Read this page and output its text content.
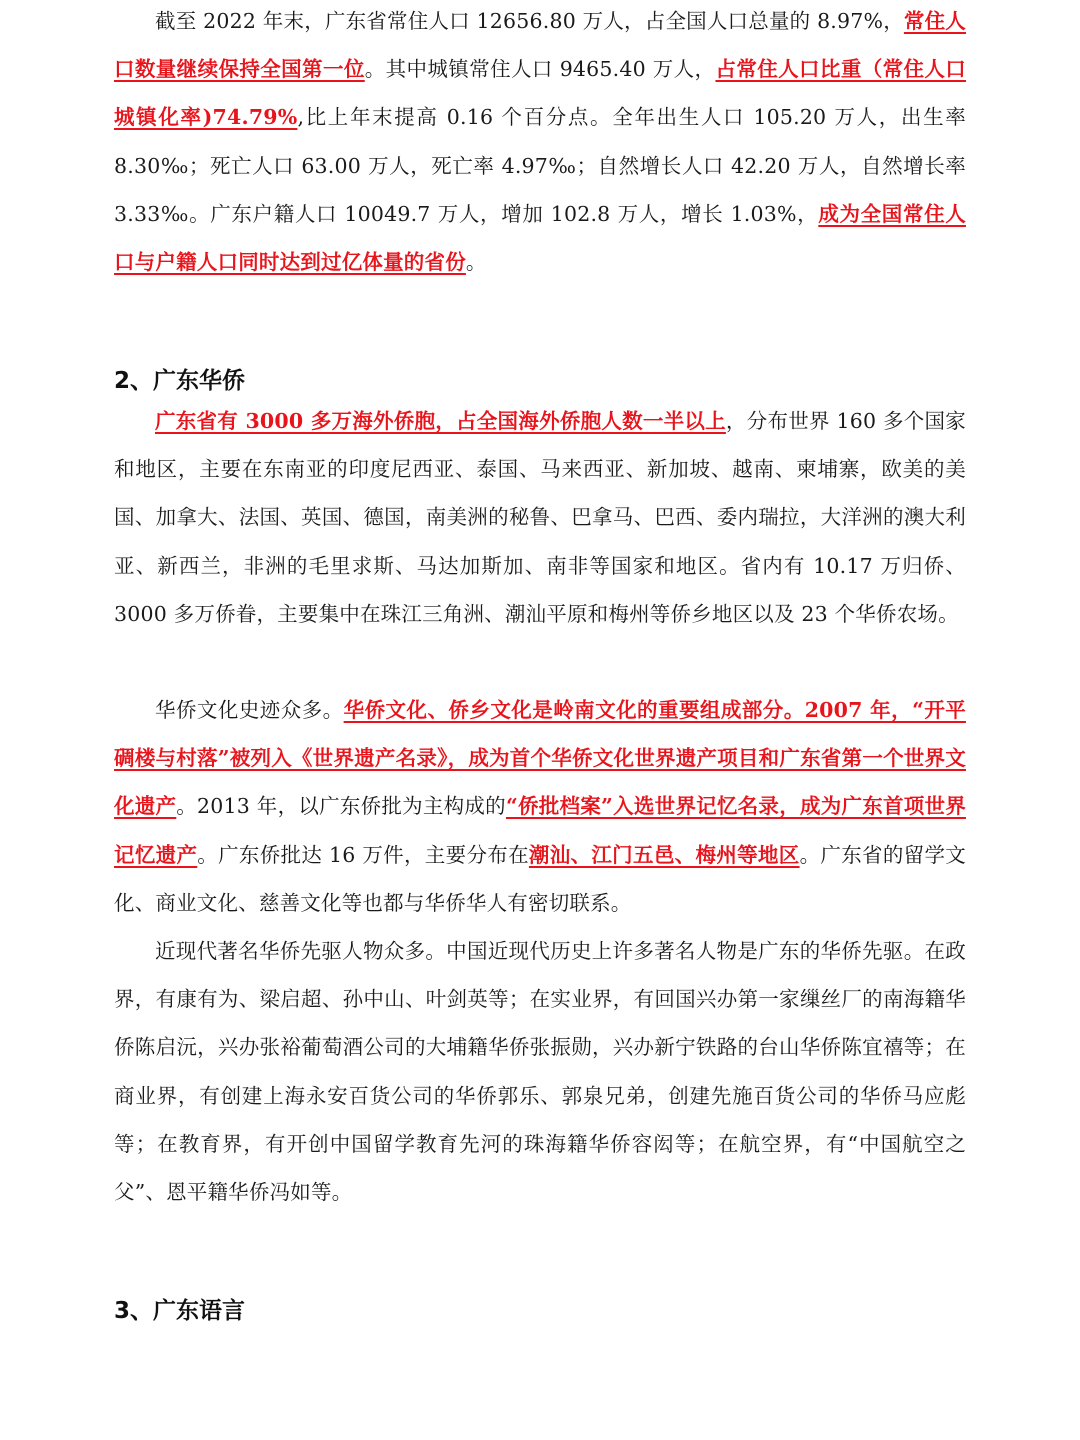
截至 2022 年末，广东省常住人口 12656.80 万人，占全国人口总量的 8.97%，常住人口数量继续保持全国第一位。其中城镇常住人口 9465.40 万人，占常住人口比重（常住人口城镇化率)74.79%,比上年末提高 0.16 个百分点。全年出生人口 105.20 万人，出生率 8.30‰；死亡人口 63.00 万人，死亡率 4.97‰；自然增长人口 42.20 万人，自然增长率 3.33‰。广东户籍人口 10049.7 万人，增加 102.8 万人，增长 1.03%，成为全国常住人口与户籍人口同时达到过亿体量的省份。

2、广东华侨

广东省有 3000 多万海外侨胞，占全国海外侨胞人数一半以上，分布世界 160 多个国家和地区，主要在东南亚的印度尼西亚、泰国、马来西亚、新加坡、越南、柬埔寨，欧美的美国、加拿大、法国、英国、德国，南美洲的秘鲁、巴拿马、巴西、委内瑞拉，大洋洲的澳大利亚、新西兰，非洲的毛里求斯、马达加斯加、南非等国家和地区。省内有 10.17 万归侨、3000 多万侨眷，主要集中在珠江三角洲、潮汕平原和梅州等侨乡地区以及 23 个华侨农场。

华侨文化史迹众多。华侨文化、侨乡文化是岭南文化的重要组成部分。2007 年，“开平碉楼与村落”被列入《世界遗产名录》，成为首个华侨文化世界遗产项目和广东省第一个世界文化遗产。2013 年，以广东侨批为主构成的“侨批档案”入选世界记忆名录，成为广东首项世界记忆遗产。广东侨批达 16 万件，主要分布在潮汕、江门五邑、梅州等地区。广东省的留学文化、商业文化、慈善文化等也都与华侨华人有密切联系。

近现代著名华侨先驱人物众多。中国近现代历史上许多著名人物是广东的华侨先驱。在政界，有康有为、梁启超、孙中山、叶剑英等；在实业界，有回国兴办第一家缫丝厂的南海籍华侨陈启沅，兴办张裕葡萄酒公司的大埔籍华侨张振勋，兴办新宁铁路的台山华侨陈宜禧等；在商业界，有创建上海永安百货公司的华侨郭乐、郭泉兄弟，创建先施百货公司的华侨马应彪等；在教育界，有开创中国留学教育先河的珠海籍华侨容闳等；在航空界，有“中国航空之父”、恩平籍华侨冯如等。

3、广东语言
